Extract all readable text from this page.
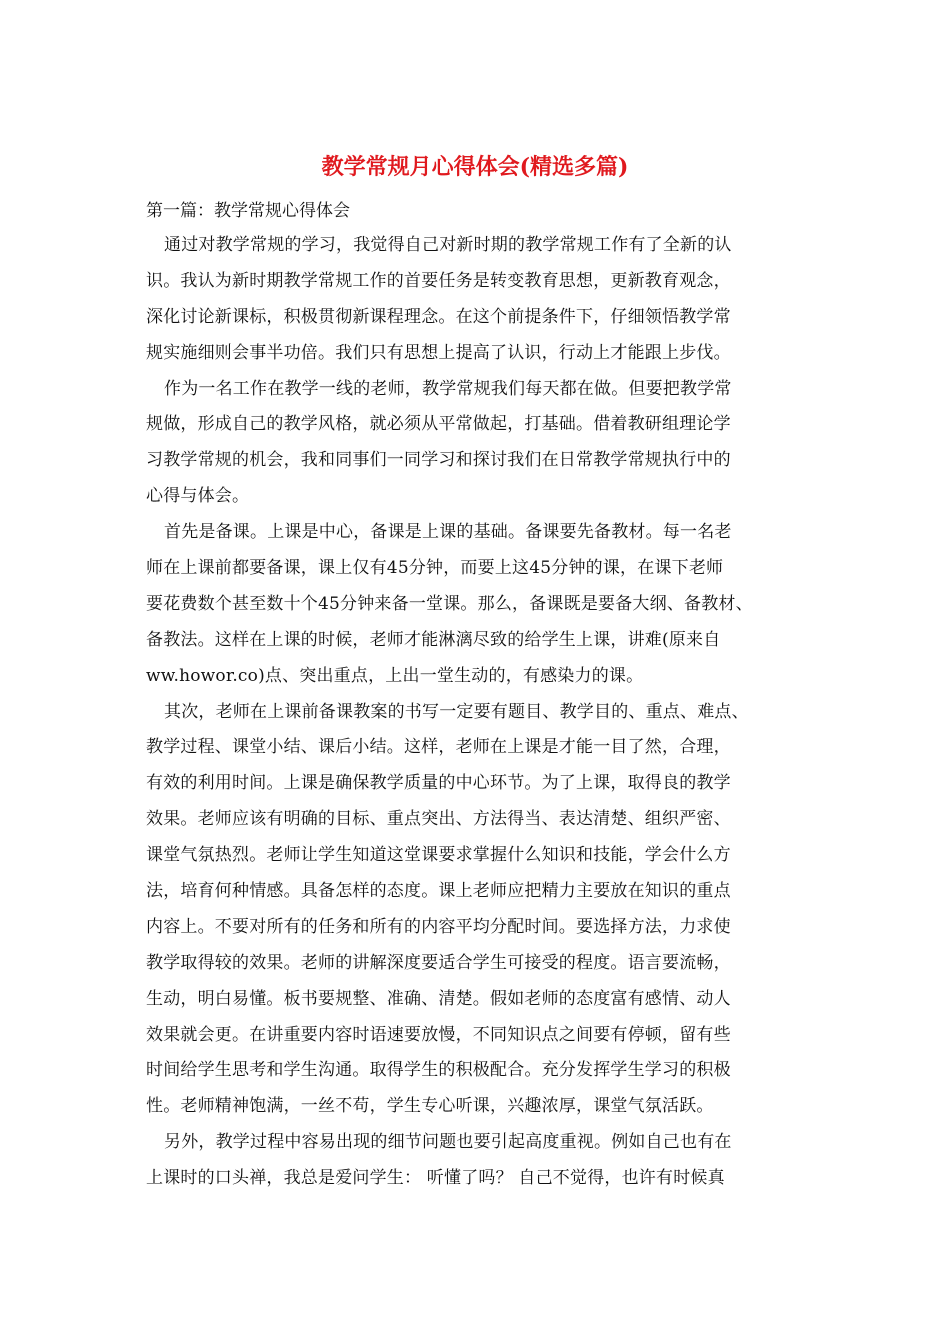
教学常规月心得体会(精选多篇)
第一篇：教学常规心得体会
通过对教学常规的学习，我觉得自己对新时期的教学常规工作有了全新的认
识。我认为新时期教学常规工作的首要任务是转变教育思想，更新教育观念，
深化讨论新课标，积极贯彻新课程理念。在这个前提条件下，仔细领悟教学常
规实施细则会事半功倍。我们只有思想上提高了认识，行动上才能跟上步伐。
作为一名工作在教学一线的老师，教学常规我们每天都在做。但要把教学常
规做，形成自己的教学风格，就必须从平常做起，打基础。借着教研组理论学
习教学常规的机会，我和同事们一同学习和探讨我们在日常教学常规执行中的
心得与体会。
首先是备课。上课是中心，备课是上课的基础。备课要先备教材。每一名老
师在上课前都要备课，课上仅有45分钟，而要上这45分钟的课，在课下老师
要花费数个甚至数十个45分钟来备一堂课。那么，备课既是要备大纲、备教材、
备教法。这样在上课的时候，老师才能淋漓尽致的给学生上课，讲难(原来自
ww.howor.co)点、突出重点，上出一堂生动的，有感染力的课。
其次，老师在上课前备课教案的书写一定要有题目、教学目的、重点、难点、
教学过程、课堂小结、课后小结。这样，老师在上课是才能一目了然，合理，
有效的利用时间。上课是确保教学质量的中心环节。为了上课，取得良的教学
效果。老师应该有明确的目标、重点突出、方法得当、表达清楚、组织严密、
课堂气氛热烈。老师让学生知道这堂课要求掌握什么知识和技能，学会什么方
法，培育何种情感。具备怎样的态度。课上老师应把精力主要放在知识的重点
内容上。不要对所有的任务和所有的内容平均分配时间。要选择方法，力求使
教学取得较的效果。老师的讲解深度要适合学生可接受的程度。语言要流畅，
生动，明白易懂。板书要规整、准确、清楚。假如老师的态度富有感情、动人
效果就会更。在讲重要内容时语速要放慢，不同知识点之间要有停顿，留有些
时间给学生思考和学生沟通。取得学生的积极配合。充分发挥学生学习的积极
性。老师精神饱满，一丝不苟，学生专心听课，兴趣浓厚，课堂气氛活跃。
另外，教学过程中容易出现的细节问题也要引起高度重视。例如自己也有在
上课时的口头禅，我总是爱问学生： 听懂了吗？ 自己不觉得，也许有时候真
